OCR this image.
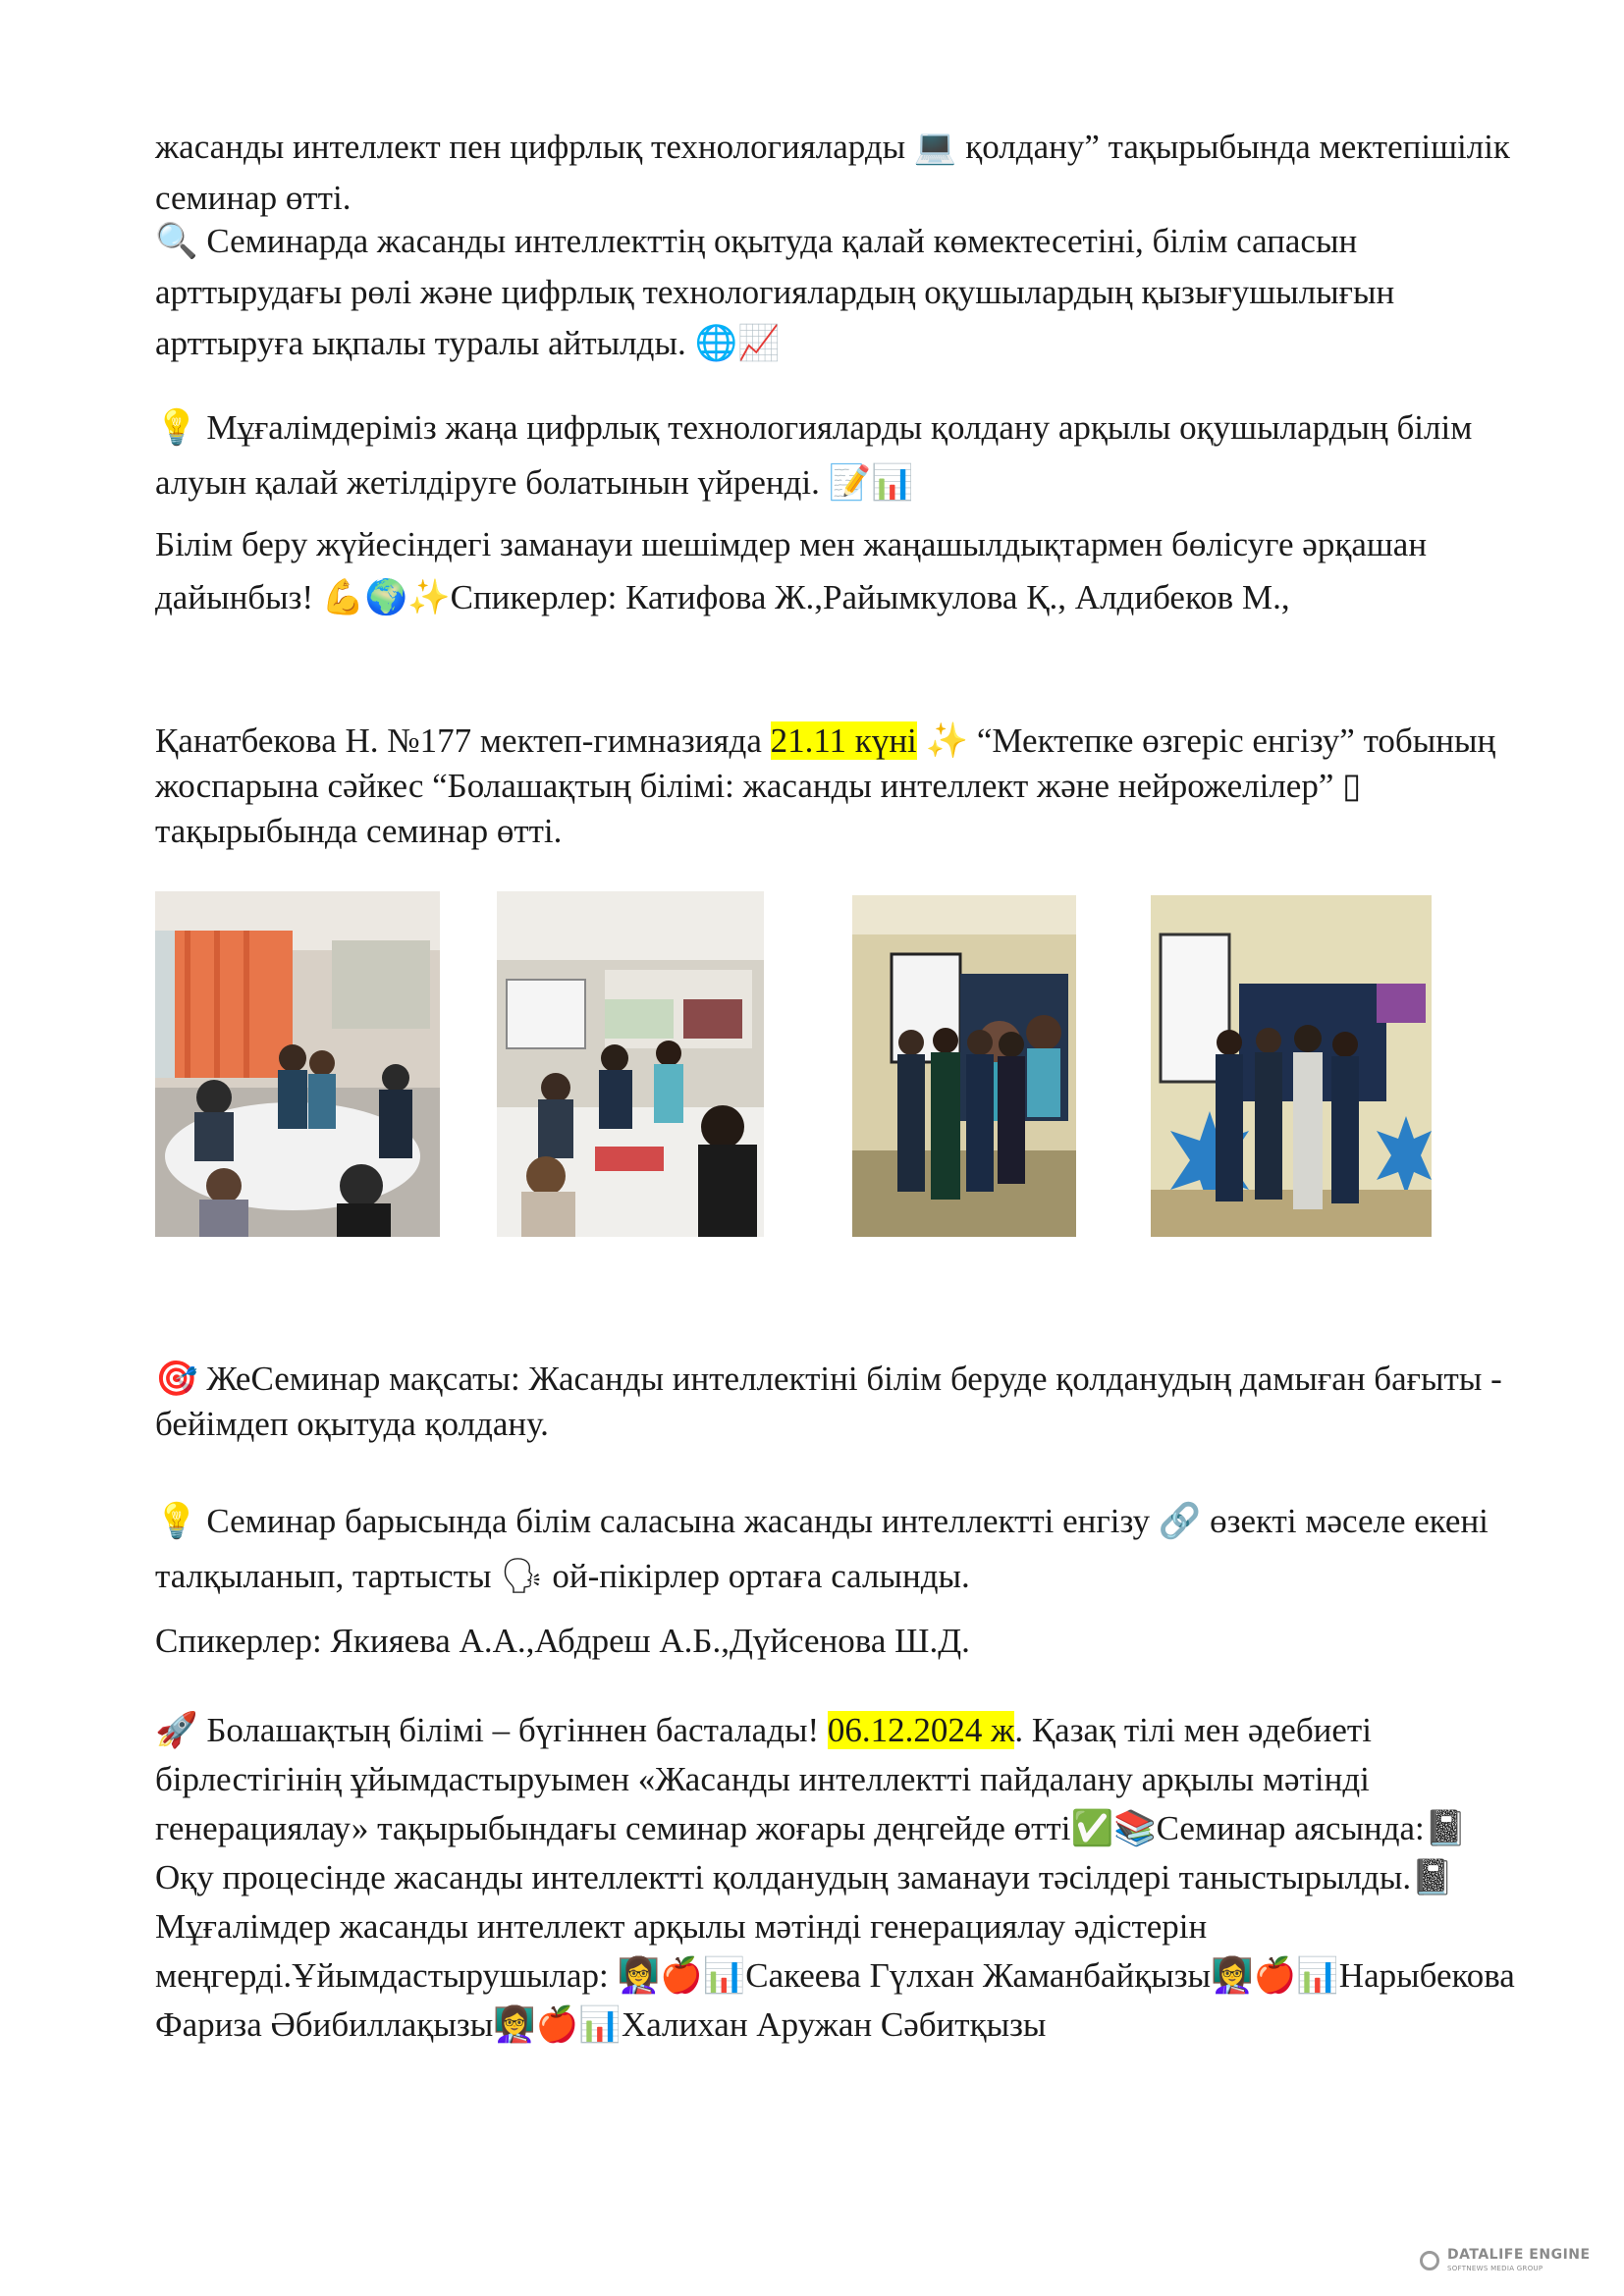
жасанды интеллект пен цифрлық технологияларды 💻 қолдану” тақырыбында мектепішілік семинар өтті.

🔍 Семинарда жасанды интеллекттің оқытуда қалай көмектесетіні, білім сапасын арттырудағы рөлі және цифрлық технологиялардың оқушылардың қызығушылығын арттыруға ықпалы туралы айтылды. 🌐📈

💡 Мұғалімдеріміз жаңа цифрлық технологияларды қолдану арқылы оқушылардың білім алуын қалай жетілдіруге болатынын үйренді. 📝📊

Білім беру жүйесіндегі заманауи шешімдер мен жаңашылдықтармен бөлісуге әрқашан дайынбыз! 💪🌍✨Спикерлер: Катифова Ж.,Райымкулова Қ., Алдибеков М.,

Қанатбекова Н. №177 мектеп-гимназияда 21.11 күні ✨ “Мектепке өзгеріс енгізу” тобының жоспарына сәйкес “Болашақтың білімі: жасанды интеллект және нейрожелілер” ▯ тақырыбында семинар өтті.

🎯 ЖеСеминар мақсаты: Жасанды интеллектіні білім беруде қолданудың дамыған бағыты - бейімдеп оқытуда қолдану.

💡 Семинар барысында білім саласына жасанды интеллектті енгізу 🔗 өзекті мәселе екені талқыланып, тартысты 🗣 ой-пікірлер ортаға салынды.

Спикерлер: Якияева А.А.,Абдреш А.Б.,Дүйсенова Ш.Д.

🚀 Болашақтың білімі – бүгіннен басталады! 06.12.2024 ж. Қазақ тілі мен әдебиеті бірлестігінің ұйымдастыруымен «Жасанды интеллектті пайдалану арқылы мәтінді генерациялау» тақырыбындағы семинар жоғары деңгейде өтті✅📚Семинар аясында:📓Оқу процесінде жасанды интеллектті қолданудың заманауи тәсілдері таныстырылды.📓Мұғалімдер жасанды интеллект арқылы мәтінді генерациялау әдістерін меңгерді.Ұйымдастырушылар: 👩‍🏫🍎📊Сакеева Гүлхан Жаманбайқызы👩‍🏫🍎📊Нарыбекова Фариза Әбибиллақызы👩‍🏫🍎📊Халихан Аружан Сәбитқызы

DATALIFE ENGINE
SOFTNEWS MEDIA GROUP
